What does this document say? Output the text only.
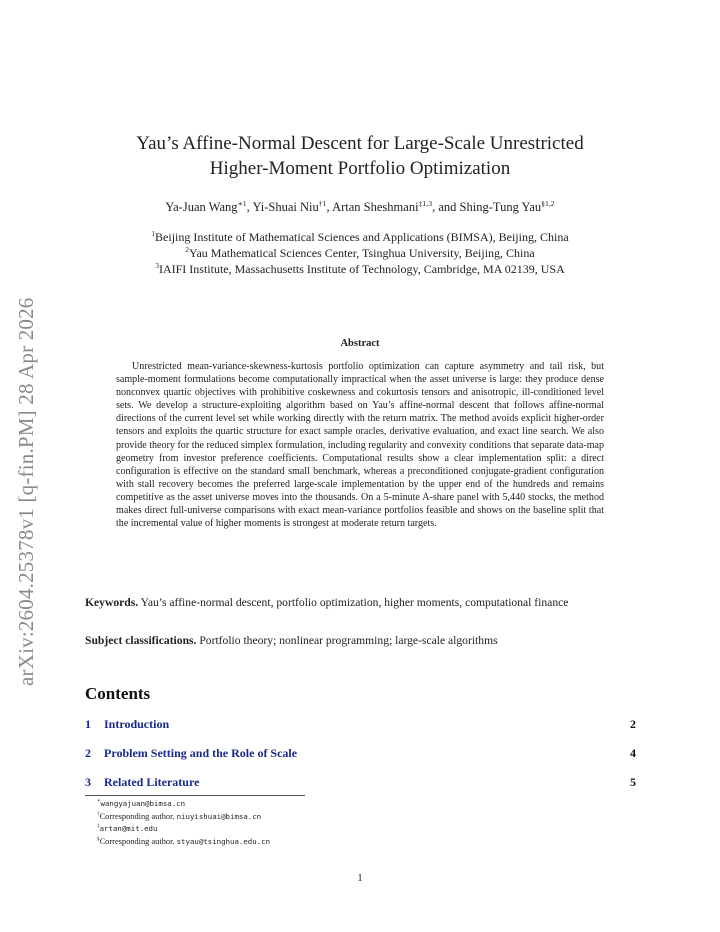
arXiv:2604.25378v1 [q-fin.PM] 28 Apr 2026
Yau’s Affine-Normal Descent for Large-Scale Unrestricted
Higher-Moment Portfolio Optimization
Ya-Juan Wang$^{∗1}$, Yi-Shuai Niu$^{\dagger 1}$, Artan Sheshmani$^{\ddagger 1,3}$, and Shing-Tung Yau$^{\S 1,2}$
$^1$Beijing Institute of Mathematical Sciences and Applications (BIMSA), Beijing, China
$^2$Yau Mathematical Sciences Center, Tsinghua University, Beijing, China
$^3$IAIFI Institute, Massachusetts Institute of Technology, Cambridge, MA 02139, USA
Abstract
Unrestricted mean-variance-skewness-kurtosis portfolio optimization can capture asymmetry and tail risk, but sample-moment formulations become computationally impractical when the asset universe is large: they produce dense nonconvex quartic objectives with prohibitive coskewness and cokurtosis tensors and anisotropic, ill-conditioned level sets. We develop a structure-exploiting algorithm based on Yau’s affine-normal descent that follows affine-normal directions of the current level set while working directly with the return matrix. The method avoids explicit higher-order tensors and exploits the quartic structure for exact sample oracles, derivative evaluation, and exact line search. We also provide theory for the reduced simplex formulation, including regularity and convexity conditions that separate data-map geometry from investor preference coefficients. Computational results show a clear implementation split: a direct configuration is effective on the standard small benchmark, whereas a preconditioned conjugate-gradient configuration with stall recovery becomes the preferred large-scale implementation by the upper end of the hundreds and remains competitive as the asset universe moves into the thousands. On a 5-minute A-share panel with 5,440 stocks, the method makes direct full-universe comparisons with exact mean-variance portfolios feasible and shows on the baseline split that the incremental value of higher moments is strongest at moderate return targets.
Keywords. Yau’s affine-normal descent, portfolio optimization, higher moments, computational finance
Subject classifications. Portfolio theory; nonlinear programming; large-scale algorithms
Contents
1 Introduction	2
2 Problem Setting and the Role of Scale	4
3 Related Literature	5
∗wangyajuan@bimsa.cn
†Corresponding author. niuyishuai@bimsa.cn
‡artan@mit.edu
§Corresponding author. styau@tsinghua.edu.cn
1
